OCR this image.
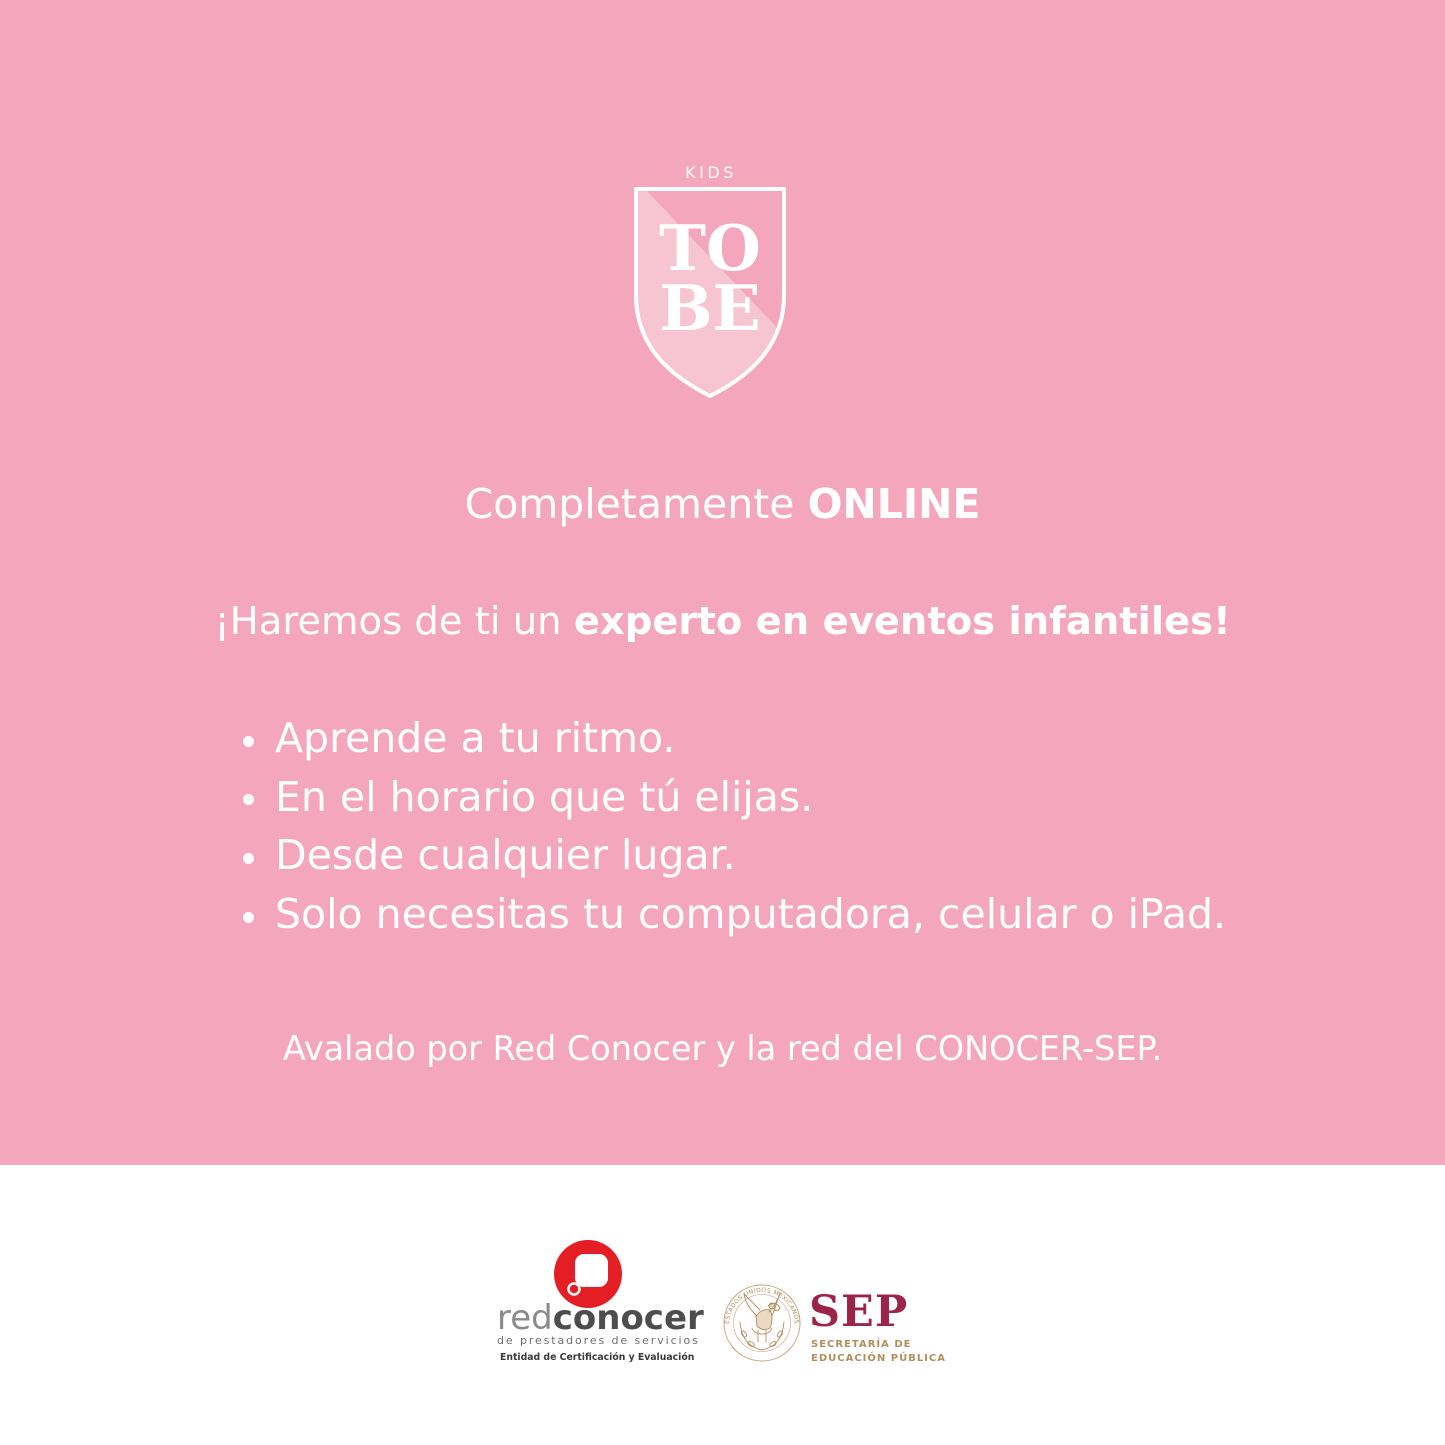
KIDS
TO
BE
Completamente ONLINE
¡Haremos de ti un experto en eventos infantiles!
Aprende a tu ritmo.
En el horario que tú elijas.
Desde cualquier lugar.
Solo necesitas tu computadora, celular o iPad.
Avalado por Red Conocer y la red del CONOCER-SEP.
redconocer
de prestadores de servicios
Entidad de Certificación y Evaluación
ESTADOS UNIDOS MEXICANOS SEP
SECRETARÍA DE
EDUCACIÓN PÚBLICA
